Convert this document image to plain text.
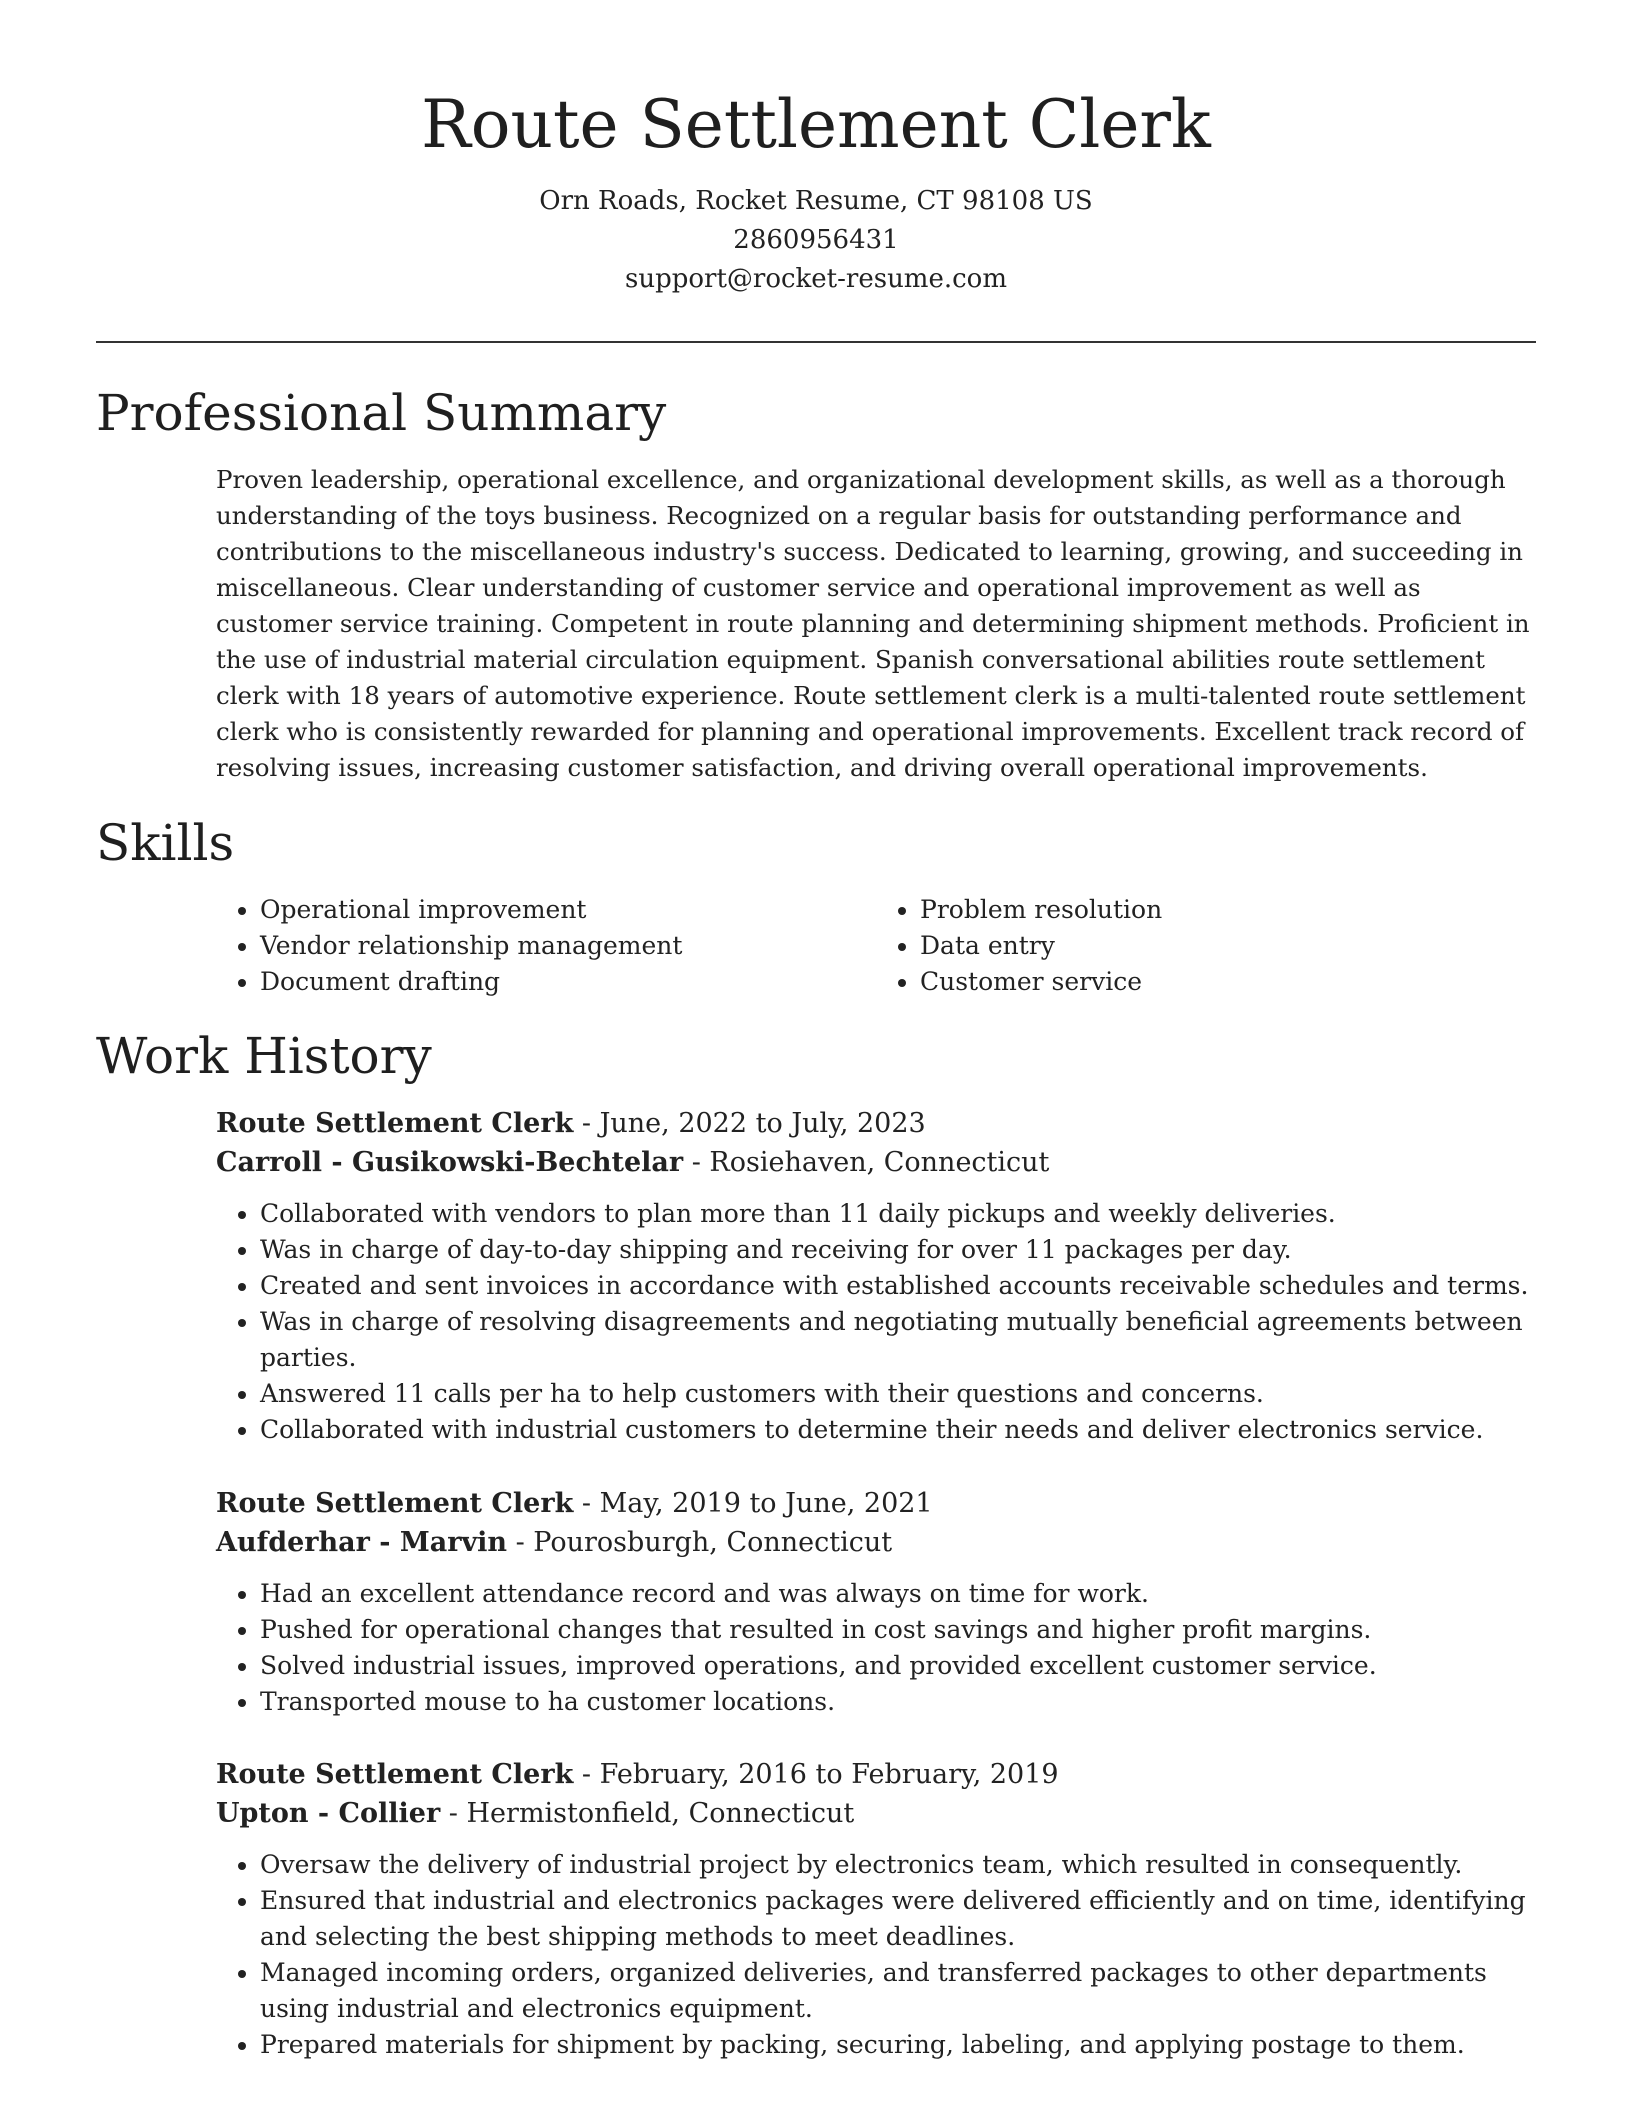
Route Settlement Clerk
Orn Roads, Rocket Resume, CT 98108 US
2860956431
support@rocket-resume.com
Professional Summary

Proven leadership, operational excellence, and organizational development skills, as well as a thorough understanding of the toys business. Recognized on a regular basis for outstanding performance and contributions to the miscellaneous industry's success. Dedicated to learning, growing, and succeeding in miscellaneous. Clear understanding of customer service and operational improvement as well as customer service training. Competent in route planning and determining shipment methods. Proficient in the use of industrial material circulation equipment. Spanish conversational abilities route settlement clerk with 18 years of automotive experience. Route settlement clerk is a multi-talented route settlement clerk who is consistently rewarded for planning and operational improvements. Excellent track record of resolving issues, increasing customer satisfaction, and driving overall operational improvements.

Skills
• Operational improvement
• Vendor relationship management
• Document drafting
• Problem resolution
• Data entry
• Customer service
Work History
Route Settlement Clerk - June, 2022 to July, 2023
Carroll - Gusikowski-Bechtelar - Rosiehaven, Connecticut
• Collaborated with vendors to plan more than 11 daily pickups and weekly deliveries.
• Was in charge of day-to-day shipping and receiving for over 11 packages per day.
• Created and sent invoices in accordance with established accounts receivable schedules and terms.
• Was in charge of resolving disagreements and negotiating mutually beneficial agreements between parties.
• Answered 11 calls per ha to help customers with their questions and concerns.
• Collaborated with industrial customers to determine their needs and deliver electronics service.
Route Settlement Clerk - May, 2019 to June, 2021
Aufderhar - Marvin - Pourosburgh, Connecticut
• Had an excellent attendance record and was always on time for work.
• Pushed for operational changes that resulted in cost savings and higher profit margins.
• Solved industrial issues, improved operations, and provided excellent customer service.
• Transported mouse to ha customer locations.
Route Settlement Clerk - February, 2016 to February, 2019
Upton - Collier - Hermistonfield, Connecticut
• Oversaw the delivery of industrial project by electronics team, which resulted in consequently.
• Ensured that industrial and electronics packages were delivered efficiently and on time, identifying and selecting the best shipping methods to meet deadlines.
• Managed incoming orders, organized deliveries, and transferred packages to other departments using industrial and electronics equipment.
• Prepared materials for shipment by packing, securing, labeling, and applying postage to them.
